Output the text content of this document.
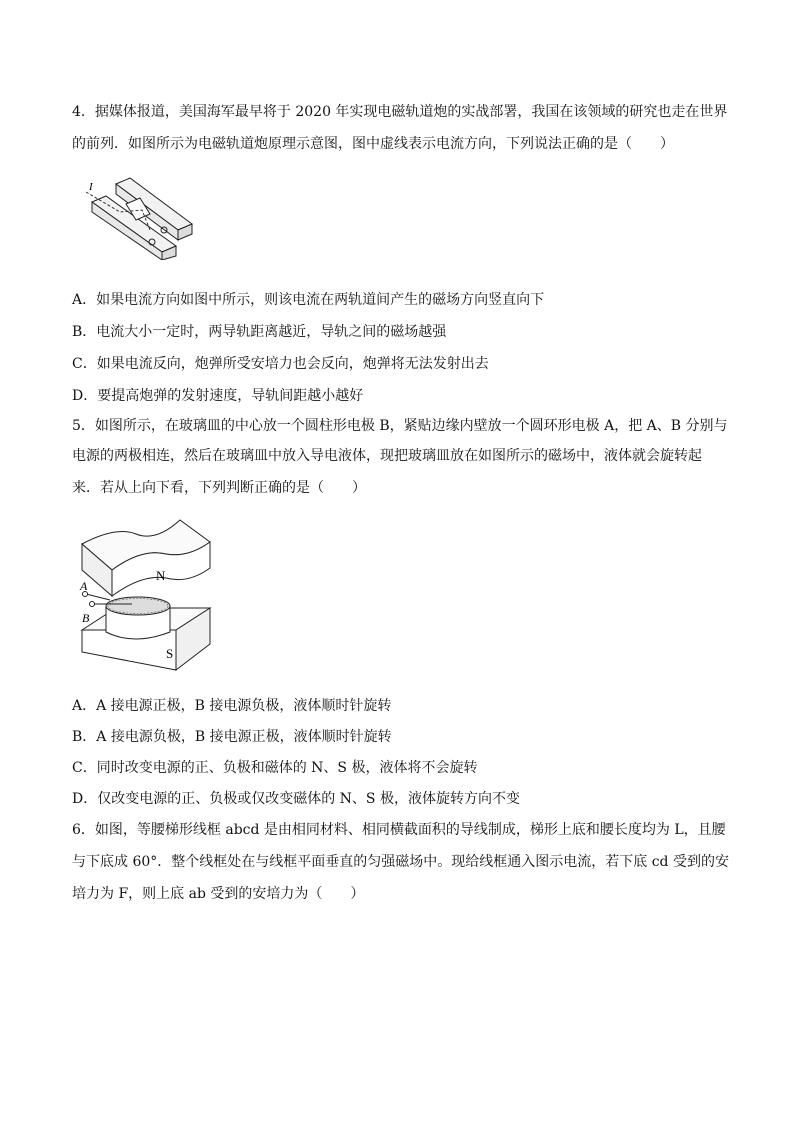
4．据媒体报道，美国海军最早将于 2020 年实现电磁轨道炮的实战部署，我国在该领域的研究也走在世界
的前列．如图所示为电磁轨道炮原理示意图，图中虚线表示电流方向，下列说法正确的是（　　）
I
A．如果电流方向如图中所示，则该电流在两轨道间产生的磁场方向竖直向下
B．电流大小一定时，两导轨距离越近，导轨之间的磁场越强
C．如果电流反向，炮弹所受安培力也会反向，炮弹将无法发射出去
D．要提高炮弹的发射速度，导轨间距越小越好
5．如图所示，在玻璃皿的中心放一个圆柱形电极 B，紧贴边缘内壁放一个圆环形电极 A，把 A、B 分别与
电源的两极相连，然后在玻璃皿中放入导电液体，现把玻璃皿放在如图所示的磁场中，液体就会旋转起
来．若从上向下看，下列判断正确的是（　　）
N
S
A
B
A．A 接电源正极，B 接电源负极，液体顺时针旋转
B．A 接电源负极，B 接电源正极，液体顺时针旋转
C．同时改变电源的正、负极和磁体的 N、S 极，液体将不会旋转
D．仅改变电源的正、负极或仅改变磁体的 N、S 极，液体旋转方向不变
6．如图，等腰梯形线框 abcd 是由相同材料、相同横截面积的导线制成，梯形上底和腰长度均为 L，且腰
与下底成 60°．整个线框处在与线框平面垂直的匀强磁场中。现给线框通入图示电流，若下底 cd 受到的安
培力为 F，则上底 ab 受到的安培力为（　　）
